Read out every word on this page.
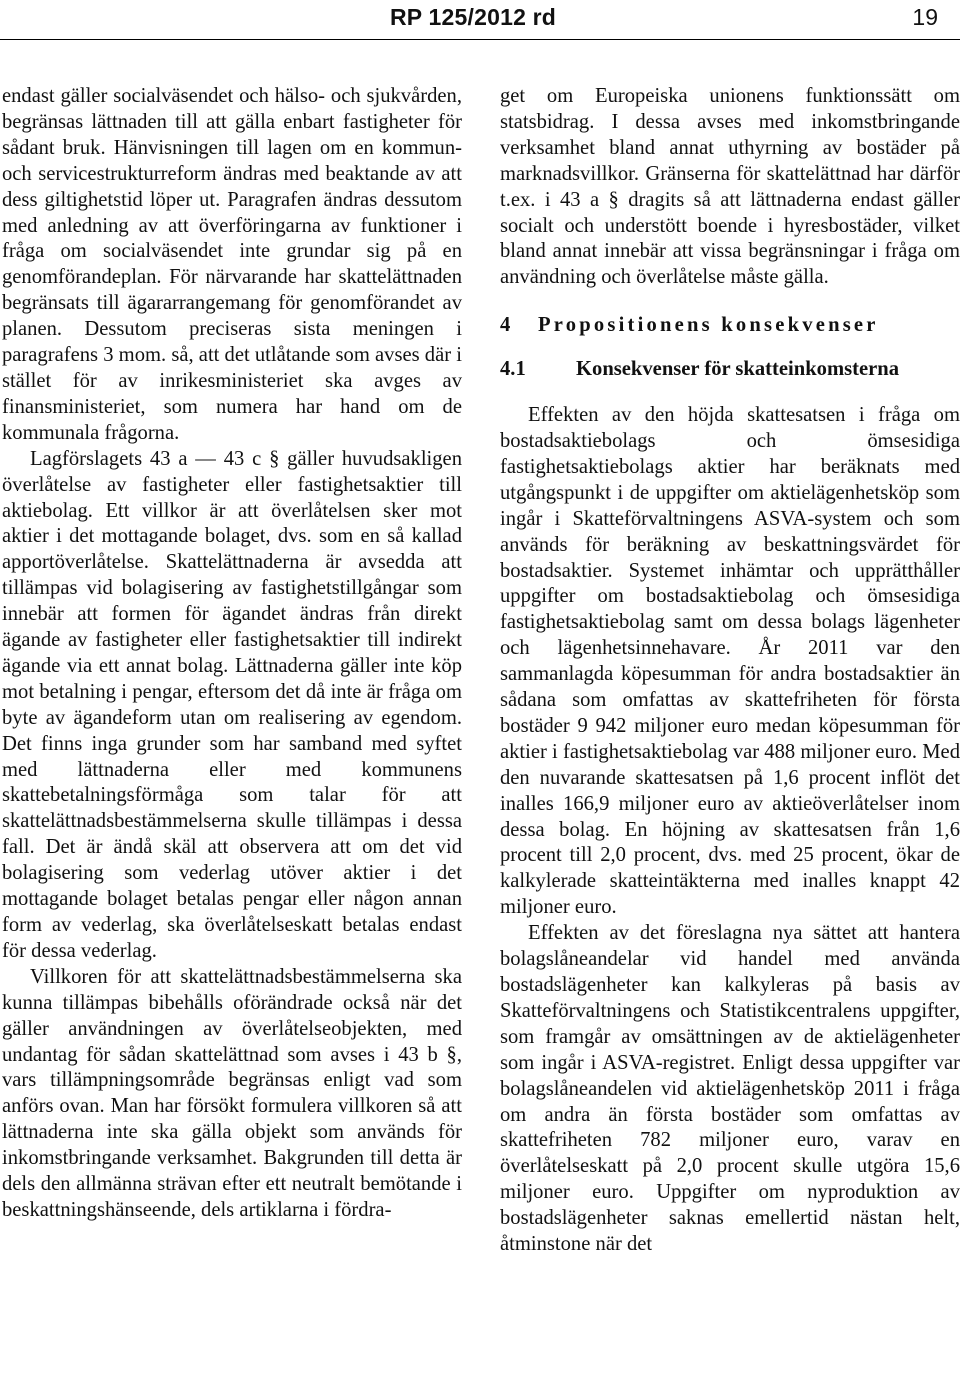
RP 125/2012 rd	19

endast gäller socialväsendet och hälso- och sjukvården, begränsas lättnaden till att gälla enbart fastigheter för sådant bruk. Hänvisningen till lagen om en kommun- och servicestrukturreform ändras med beaktande av att dess giltighetstid löper ut. Paragrafen ändras dessutom med anledning av att överföringarna av funktioner i fråga om socialväsendet inte grundar sig på en genomförandeplan. För närvarande har skattelättnaden begränsats till ägararrangemang för genomförandet av planen. Dessutom preciseras sista meningen i paragrafens 3 mom. så, att det utlåtande som avses där i stället för av inrikesministeriet ska avges av finansministeriet, som numera har hand om de kommunala frågorna.

Lagförslagets 43 a — 43 c § gäller huvudsakligen överlåtelse av fastigheter eller fastighetsaktier till aktiebolag. Ett villkor är att överlåtelsen sker mot aktier i det mottagande bolaget, dvs. som en så kallad apportöverlåtelse. Skattelättnaderna är avsedda att tillämpas vid bolagisering av fastighetstillgångar som innebär att formen för ägandet ändras från direkt ägande av fastigheter eller fastighetsaktier till indirekt ägande via ett annat bolag. Lättnaderna gäller inte köp mot betalning i pengar, eftersom det då inte är fråga om byte av ägandeform utan om realisering av egendom. Det finns inga grunder som har samband med syftet med lättnaderna eller med kommunens skattebetalningsförmåga som talar för att skattelättnadsbestämmelserna skulle tillämpas i dessa fall. Det är ändå skäl att observera att om det vid bolagisering som vederlag utöver aktier i det mottagande bolaget betalas pengar eller någon annan form av vederlag, ska överlåtelseskatt betalas endast för dessa vederlag.

Villkoren för att skattelättnadsbestämmelserna ska kunna tillämpas bibehålls oförändrade också när det gäller användningen av överlåtelseobjekten, med undantag för sådan skattelättnad som avses i 43 b §, vars tillämpningsområde begränsas enligt vad som anförs ovan. Man har försökt formulera villkoren så att lättnaderna inte ska gälla objekt som används för inkomstbringande verksamhet. Bakgrunden till detta är dels den allmänna strävan efter ett neutralt bemötande i beskattningshänseende, dels artiklarna i fördra-

get om Europeiska unionens funktionssätt om statsbidrag. I dessa avses med inkomstbringande verksamhet bland annat uthyrning av bostäder på marknadsvillkor. Gränserna för skattelättnad har därför t.ex. i 43 a § dragits så att lättnaderna endast gäller socialt och understött boende i hyresbostäder, vilket bland annat innebär att vissa begränsningar i fråga om användning och överlåtelse måste gälla.

4 Propositionens konsekvenser
4.1 Konsekvenser för skatteinkomsterna

Effekten av den höjda skattesatsen i fråga om bostadsaktiebolags och ömsesidiga fastighetsaktiebolags aktier har beräknats med utgångspunkt i de uppgifter om aktielägenhetsköp som ingår i Skatteförvaltningens ASVA-system och som används för beräkning av beskattningsvärdet för bostadsaktier. Systemet inhämtar och upprätthåller uppgifter om bostadsaktiebolag och ömsesidiga fastighetsaktiebolag samt om dessa bolags lägenheter och lägenhetsinnehavare. År 2011 var den sammanlagda köpesumman för andra bostadsaktier än sådana som omfattas av skattefriheten för första bostäder 9 942 miljoner euro medan köpesumman för aktier i fastighetsaktiebolag var 488 miljoner euro. Med den nuvarande skattesatsen på 1,6 procent inflöt det inalles 166,9 miljoner euro av aktieöverlåtelser inom dessa bolag. En höjning av skattesatsen från 1,6 procent till 2,0 procent, dvs. med 25 procent, ökar de kalkylerade skatteintäkterna med inalles knappt 42 miljoner euro.

Effekten av det föreslagna nya sättet att hantera bolagslåneandelar vid handel med använda bostadslägenheter kan kalkyleras på basis av Skatteförvaltningens och Statistikcentralens uppgifter, som framgår av omsättningen av de aktielägenheter som ingår i ASVA-registret. Enligt dessa uppgifter var bolagslåneandelen vid aktielägenhetsköp 2011 i fråga om andra än första bostäder som omfattas av skattefriheten 782 miljoner euro, varav en överlåtelseskatt på 2,0 procent skulle utgöra 15,6 miljoner euro. Uppgifter om nyproduktion av bostadslägenheter saknas emellertid nästan helt, åtminstone när det
